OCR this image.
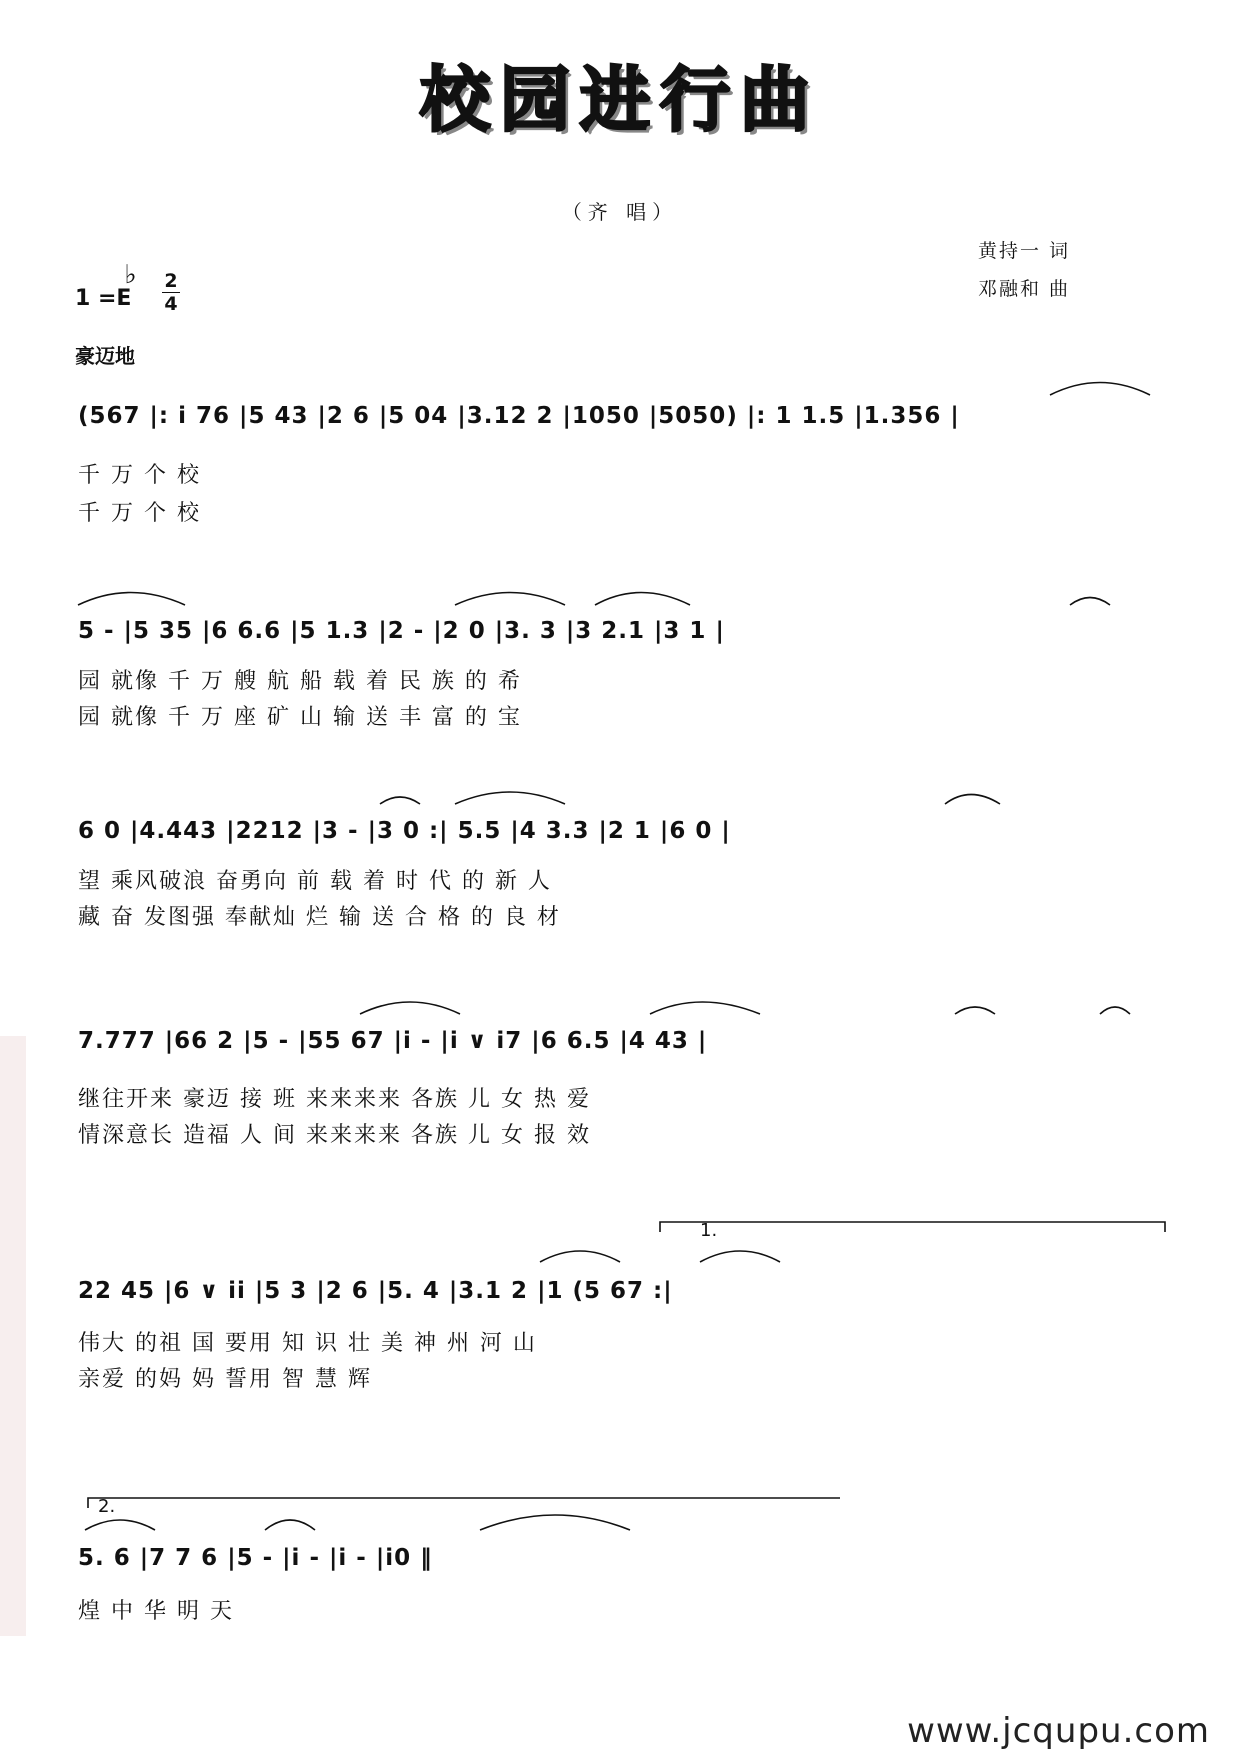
校园进行曲
（齐 唱）
黄持一 词
邓融和 曲
1 =
♭
E
2
4
豪迈地
(567 |: i 76 |5 43 |2 6 |5 04 |3.12 2 |1050 |5050) |: 1 1.5 |1.356 |
千 万 个 校
千 万 个 校
5 - |5 35 |6 6.6 |5 1.3 |2 - |2 0 |3. 3 |3 2.1 |3 1 |
园 就像 千 万 艘 航 船 载 着 民 族 的 希
园 就像 千 万 座 矿 山 输 送 丰 富 的 宝
6 0 |4.443 |2212 |3 - |3 0 :| 5.5 |4 3.3 |2 1 |6 0 |
望 乘风破浪 奋勇向 前 载 着 时 代 的 新 人
藏 奋 发图强 奉献灿 烂 输 送 合 格 的 良 材
7.777 |66 2 |5 - |55 67 |i - |i ∨ i7 |6 6.5 |4 43 |
继往开来 豪迈 接 班 来来来来 各族 儿 女 热 爱
情深意长 造福 人 间 来来来来 各族 儿 女 报 效
1.
22 45 |6 ∨ ii |5 3 |2 6 |5. 4 |3.1 2 |1 (5 67 :|
伟大 的祖 国 要用 知 识 壮 美 神 州 河 山
亲爱 的妈 妈 誓用 智 慧 辉
2.
5. 6 |7 7 6 |5 - |i - |i - |i0 ‖
煌 中 华 明 天
www.jcqupu.com
